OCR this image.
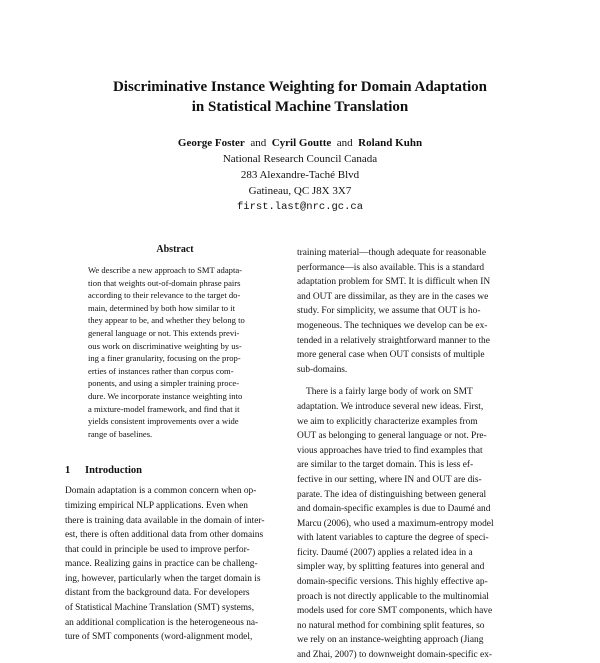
Discriminative Instance Weighting for Domain Adaptation
in Statistical Machine Translation
George Foster and Cyril Goutte and Roland Kuhn
National Research Council Canada
283 Alexandre-Taché Blvd
Gatineau, QC J8X 3X7
first.last@nrc.gc.ca
Abstract
We describe a new approach to SMT adapta-
tion that weights out-of-domain phrase pairs
according to their relevance to the target do-
main, determined by both how similar to it
they appear to be, and whether they belong to
general language or not. This extends previ-
ous work on discriminative weighting by us-
ing a finer granularity, focusing on the prop-
erties of instances rather than corpus com-
ponents, and using a simpler training proce-
dure. We incorporate instance weighting into
a mixture-model framework, and find that it
yields consistent improvements over a wide
range of baselines.
1 Introduction
Domain adaptation is a common concern when op-
timizing empirical NLP applications. Even when
there is training data available in the domain of inter-
est, there is often additional data from other domains
that could in principle be used to improve perfor-
mance. Realizing gains in practice can be challeng-
ing, however, particularly when the target domain is
distant from the background data. For developers
of Statistical Machine Translation (SMT) systems,
an additional complication is the heterogeneous na-
ture of SMT components (word-alignment model,
training material—though adequate for reasonable
performance—is also available. This is a standard
adaptation problem for SMT. It is difficult when IN
and OUT are dissimilar, as they are in the cases we
study. For simplicity, we assume that OUT is ho-
mogeneous. The techniques we develop can be ex-
tended in a relatively straightforward manner to the
more general case when OUT consists of multiple
sub-domains.
There is a fairly large body of work on SMT
adaptation. We introduce several new ideas. First,
we aim to explicitly characterize examples from
OUT as belonging to general language or not. Pre-
vious approaches have tried to find examples that
are similar to the target domain. This is less ef-
fective in our setting, where IN and OUT are dis-
parate. The idea of distinguishing between general
and domain-specific examples is due to Daumé and
Marcu (2006), who used a maximum-entropy model
with latent variables to capture the degree of speci-
ficity. Daumé (2007) applies a related idea in a
simpler way, by splitting features into general and
domain-specific versions. This highly effective ap-
proach is not directly applicable to the multinomial
models used for core SMT components, which have
no natural method for combining split features, so
we rely on an instance-weighting approach (Jiang
and Zhai, 2007) to downweight domain-specific ex-
